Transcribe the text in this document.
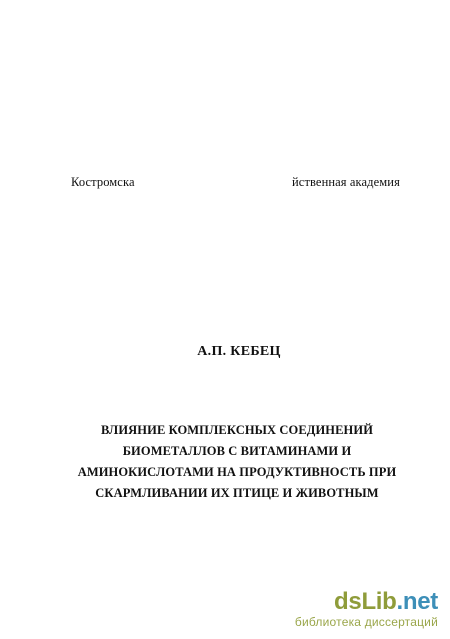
Костромска	йственная академия
А.П. КЕБЕЦ
ВЛИЯНИЕ КОМПЛЕКСНЫХ СОЕДИНЕНИЙ
БИОМЕТАЛЛОВ С ВИТАМИНАМИ И
АМИНОКИСЛОТАМИ НА ПРОДУКТИВНОСТЬ ПРИ
СКАРМЛИВАНИИ ИХ ПТИЦЕ И ЖИВОТНЫМ
dsLib.net
библиотека диссертаций
